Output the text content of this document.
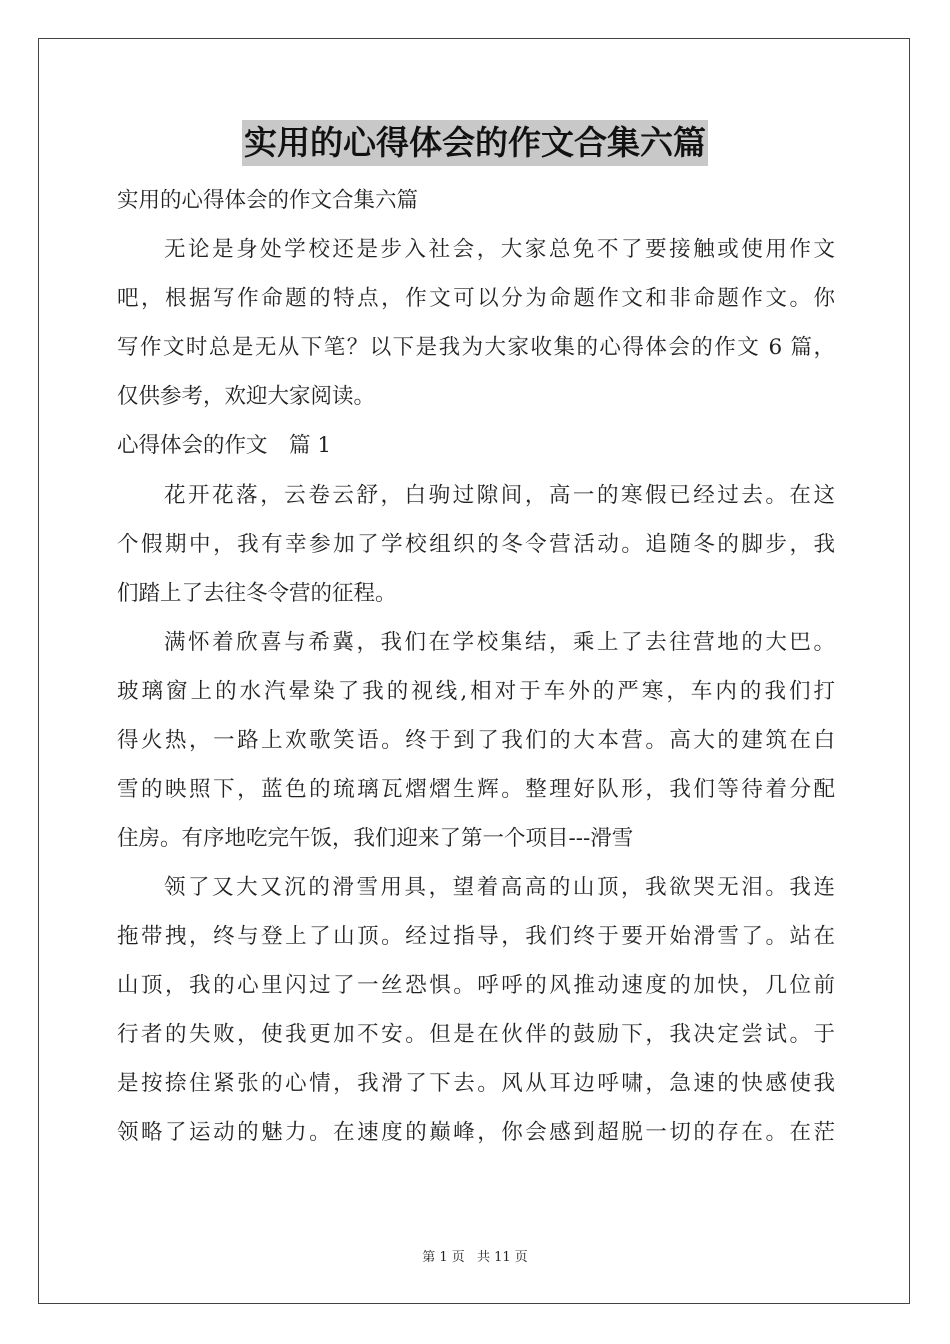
实用的心得体会的作文合集六篇
实用的心得体会的作文合集六篇
无论是身处学校还是步入社会，大家总免不了要接触或使用作文
吧，根据写作命题的特点，作文可以分为命题作文和非命题作文。你
写作文时总是无从下笔？以下是我为大家收集的心得体会的作文 6 篇，
仅供参考，欢迎大家阅读。
心得体会的作文　篇 1
花开花落，云卷云舒，白驹过隙间，高一的寒假已经过去。在这
个假期中，我有幸参加了学校组织的冬令营活动。追随冬的脚步，我
们踏上了去往冬令营的征程。
满怀着欣喜与希冀，我们在学校集结，乘上了去往营地的大巴。
玻璃窗上的水汽晕染了我的视线,相对于车外的严寒，车内的我们打
得火热，一路上欢歌笑语。终于到了我们的大本营。高大的建筑在白
雪的映照下，蓝色的琉璃瓦熠熠生辉。整理好队形，我们等待着分配
住房。有序地吃完午饭，我们迎来了第一个项目---滑雪
领了又大又沉的滑雪用具，望着高高的山顶，我欲哭无泪。我连
拖带拽，终与登上了山顶。经过指导，我们终于要开始滑雪了。站在
山顶，我的心里闪过了一丝恐惧。呼呼的风推动速度的加快，几位前
行者的失败，使我更加不安。但是在伙伴的鼓励下，我决定尝试。于
是按捺住紧张的心情，我滑了下去。风从耳边呼啸，急速的快感使我
领略了运动的魅力。在速度的巅峰，你会感到超脱一切的存在。在茫
第 1 页 共 11 页
